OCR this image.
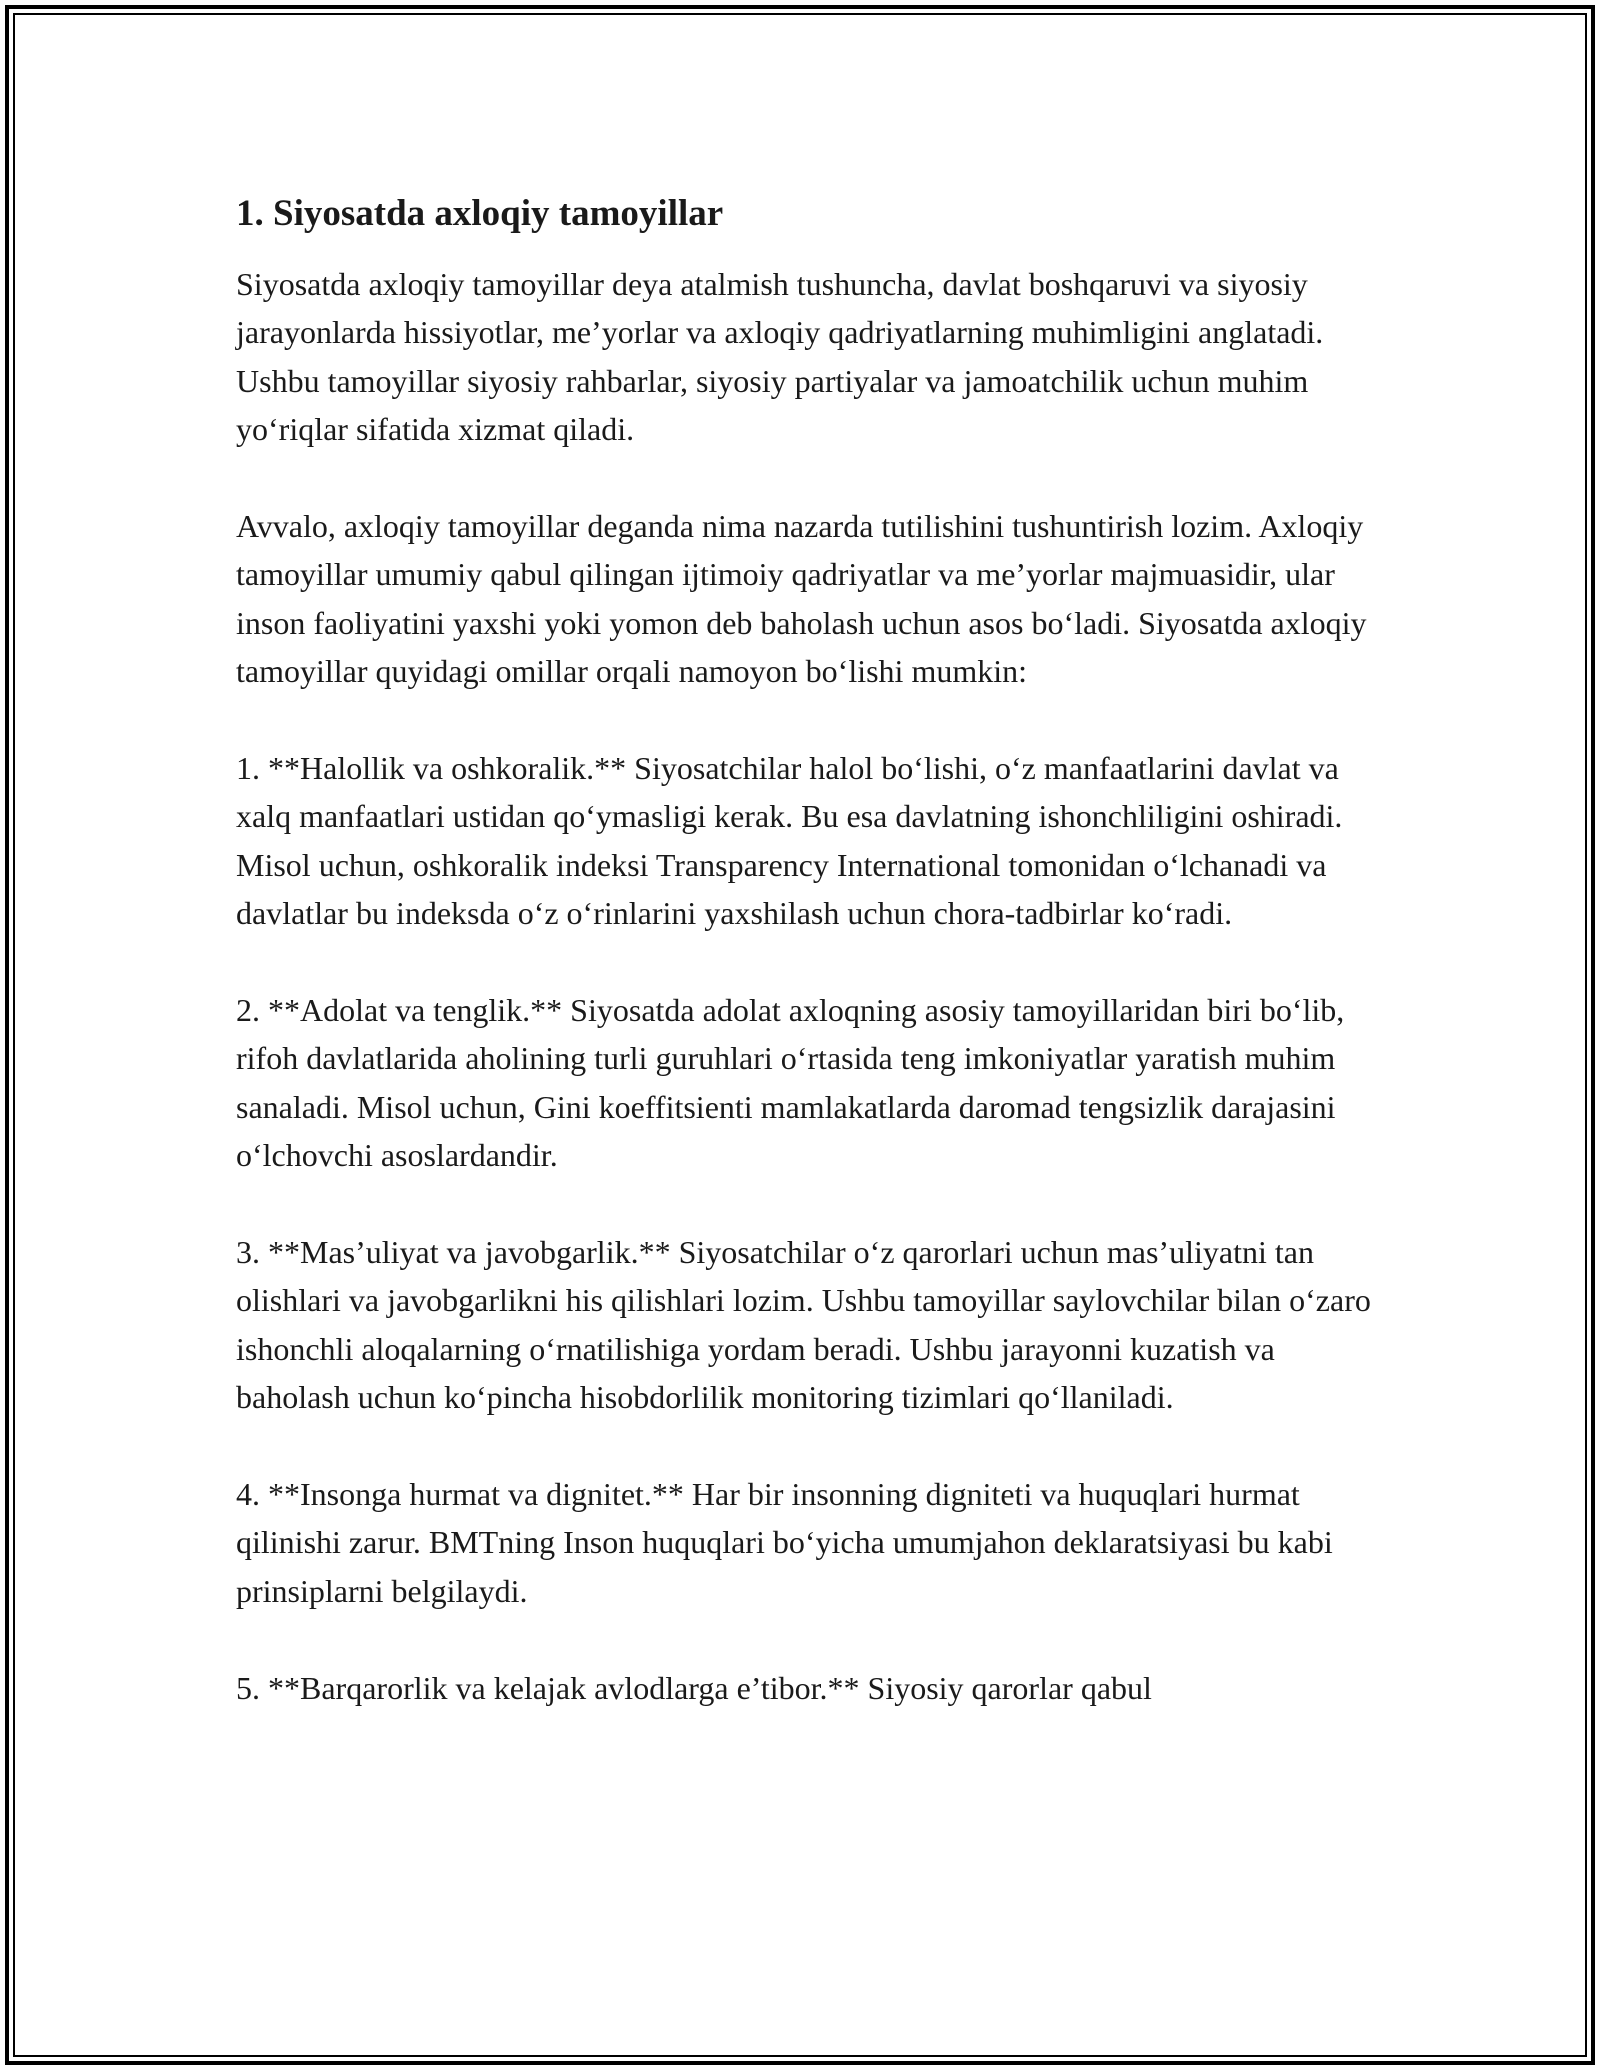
1. Siyosatda axloqiy tamoyillar

Siyosatda axloqiy tamoyillar deya atalmish tushuncha, davlat boshqaruvi va siyosiy jarayonlarda hissiyotlar, me’yorlar va axloqiy qadriyatlarning muhimligini anglatadi. Ushbu tamoyillar siyosiy rahbarlar, siyosiy partiyalar va jamoatchilik uchun muhim yo‘riqlar sifatida xizmat qiladi.

Avvalo, axloqiy tamoyillar deganda nima nazarda tutilishini tushuntirish lozim. Axloqiy tamoyillar umumiy qabul qilingan ijtimoiy qadriyatlar va me’yorlar majmuasidir, ular inson faoliyatini yaxshi yoki yomon deb baholash uchun asos bo‘ladi. Siyosatda axloqiy tamoyillar quyidagi omillar orqali namoyon bo‘lishi mumkin:

1. **Halollik va oshkoralik.** Siyosatchilar halol bo‘lishi, o‘z manfaatlarini davlat va xalq manfaatlari ustidan qo‘ymasligi kerak. Bu esa davlatning ishonchliligini oshiradi. Misol uchun, oshkoralik indeksi Transparency International tomonidan o‘lchanadi va davlatlar bu indeksda o‘z o‘rinlarini yaxshilash uchun chora-tadbirlar ko‘radi.

2. **Adolat va tenglik.** Siyosatda adolat axloqning asosiy tamoyillaridan biri bo‘lib, rifoh davlatlarida aholining turli guruhlari o‘rtasida teng imkoniyatlar yaratish muhim sanaladi. Misol uchun, Gini koeffitsienti mamlakatlarda daromad tengsizlik darajasini o‘lchovchi asoslardandir.

3. **Mas’uliyat va javobgarlik.** Siyosatchilar o‘z qarorlari uchun mas’uliyatni tan olishlari va javobgarlikni his qilishlari lozim. Ushbu tamoyillar saylovchilar bilan o‘zaro ishonchli aloqalarning o‘rnatilishiga yordam beradi. Ushbu jarayonni kuzatish va baholash uchun ko‘pincha hisobdorlilik monitoring tizimlari qo‘llaniladi.

4. **Insonga hurmat va dignitet.** Har bir insonning digniteti va huquqlari hurmat qilinishi zarur. BMTning Inson huquqlari bo‘yicha umumjahon deklaratsiyasi bu kabi prinsiplarni belgilaydi.

5. **Barqarorlik va kelajak avlodlarga e’tibor.** Siyosiy qarorlar qabul
